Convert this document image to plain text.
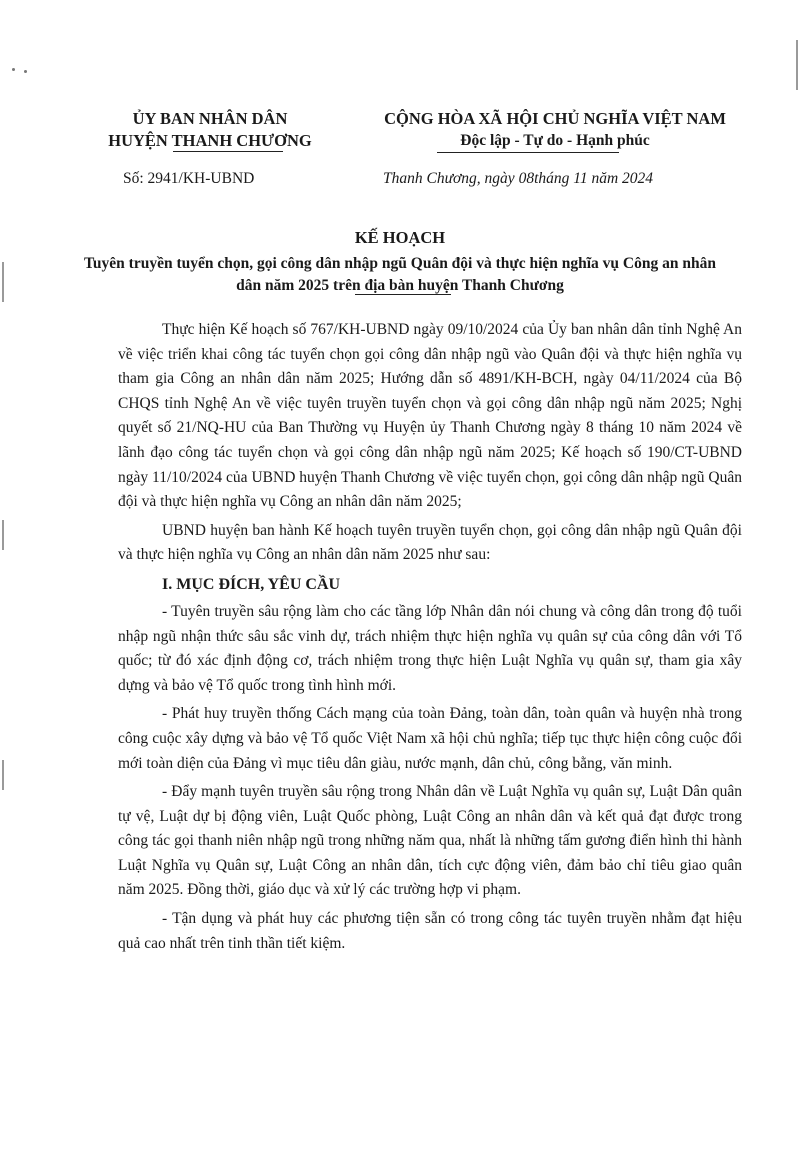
ỦY BAN NHÂN DÂN
HUYỆN THANH CHƯƠNG
CỘNG HÒA XÃ HỘI CHỦ NGHĨA VIỆT NAM
Độc lập - Tự do - Hạnh phúc
Số: 2941/KH-UBND	Thanh Chương, ngày 08tháng 11 năm 2024
KẾ HOẠCH
Tuyên truyền tuyển chọn, gọi công dân nhập ngũ Quân đội và thực hiện nghĩa vụ Công an nhân dân năm 2025 trên địa bàn huyện Thanh Chương

Thực hiện Kế hoạch số 767/KH-UBND ngày 09/10/2024 của Ủy ban nhân dân tỉnh Nghệ An về việc triển khai công tác tuyển chọn gọi công dân nhập ngũ vào Quân đội và thực hiện nghĩa vụ tham gia Công an nhân dân năm 2025; Hướng dẫn số 4891/KH-BCH, ngày 04/11/2024 của Bộ CHQS tỉnh Nghệ An về việc tuyên truyền tuyển chọn và gọi công dân nhập ngũ năm 2025; Nghị quyết số 21/NQ-HU của Ban Thường vụ Huyện ủy Thanh Chương ngày 8 tháng 10 năm 2024 về lãnh đạo công tác tuyển chọn và gọi công dân nhập ngũ năm 2025; Kế hoạch số 190/CT-UBND ngày 11/10/2024 của UBND huyện Thanh Chương về việc tuyển chọn, gọi công dân nhập ngũ Quân đội và thực hiện nghĩa vụ Công an nhân dân năm 2025;

UBND huyện ban hành Kế hoạch tuyên truyền tuyển chọn, gọi công dân nhập ngũ Quân đội và thực hiện nghĩa vụ Công an nhân dân năm 2025 như sau:

I. MỤC ĐÍCH, YÊU CẦU

- Tuyên truyền sâu rộng làm cho các tầng lớp Nhân dân nói chung và công dân trong độ tuổi nhập ngũ nhận thức sâu sắc vinh dự, trách nhiệm thực hiện nghĩa vụ quân sự của công dân với Tổ quốc; từ đó xác định động cơ, trách nhiệm trong thực hiện Luật Nghĩa vụ quân sự, tham gia xây dựng và bảo vệ Tổ quốc trong tình hình mới.

- Phát huy truyền thống Cách mạng của toàn Đảng, toàn dân, toàn quân và huyện nhà trong công cuộc xây dựng và bảo vệ Tổ quốc Việt Nam xã hội chủ nghĩa; tiếp tục thực hiện công cuộc đổi mới toàn diện của Đảng vì mục tiêu dân giàu, nước mạnh, dân chủ, công bằng, văn minh.

- Đẩy mạnh tuyên truyền sâu rộng trong Nhân dân về Luật Nghĩa vụ quân sự, Luật Dân quân tự vệ, Luật dự bị động viên, Luật Quốc phòng, Luật Công an nhân dân và kết quả đạt được trong công tác gọi thanh niên nhập ngũ trong những năm qua, nhất là những tấm gương điển hình thi hành Luật Nghĩa vụ Quân sự, Luật Công an nhân dân, tích cực động viên, đảm bảo chỉ tiêu giao quân năm 2025. Đồng thời, giáo dục và xử lý các trường hợp vi phạm.

- Tận dụng và phát huy các phương tiện sẵn có trong công tác tuyên truyền nhằm đạt hiệu quả cao nhất trên tinh thần tiết kiệm.
